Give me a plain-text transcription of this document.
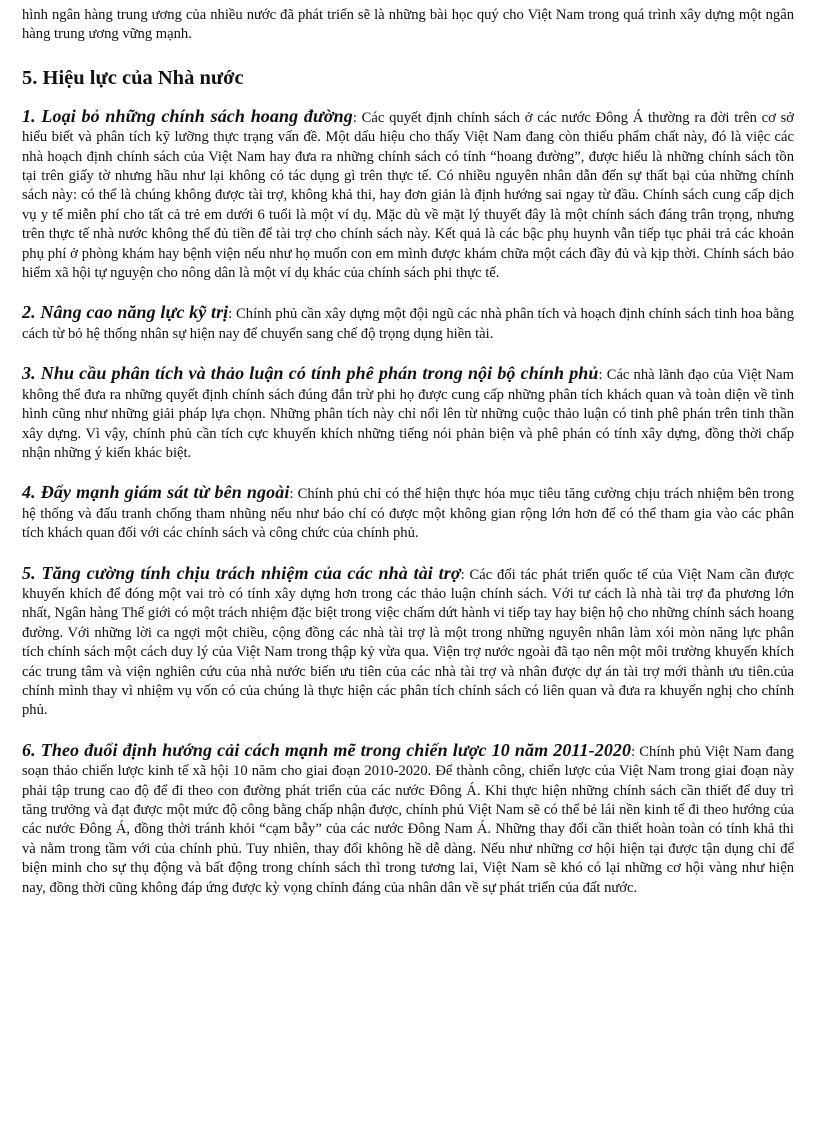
hình ngân hàng trung ương của nhiều nước đã phát triển sẽ là những bài học quý cho Việt Nam trong quá trình xây dựng một ngân hàng trung ương vững mạnh.

5. Hiệu lực của Nhà nước

1. Loại bỏ những chính sách hoang đường: Các quyết định chính sách ở các nước Đông Á thường ra đời trên cơ sở hiểu biết và phân tích kỹ lưỡng thực trạng vấn đề. Một dấu hiệu cho thấy Việt Nam đang còn thiếu phẩm chất này, đó là việc các nhà hoạch định chính sách của Việt Nam hay đưa ra những chính sách có tính “hoang đường”, được hiểu là những chính sách tồn tại trên giấy tờ nhưng hầu như lại không có tác dụng gì trên thực tế. Có nhiều nguyên nhân dẫn đến sự thất bại của những chính sách này: có thể là chúng không được tài trợ, không khả thi, hay đơn giản là định hướng sai ngay từ đầu. Chính sách cung cấp dịch vụ y tế miễn phí cho tất cả trẻ em dưới 6 tuổi là một ví dụ. Mặc dù về mặt lý thuyết đây là một chính sách đáng trân trọng, nhưng trên thực tế nhà nước không thể đủ tiền để tài trợ cho chính sách này. Kết quả là các bậc phụ huynh vẫn tiếp tục phải trả các khoản phụ phí ở phòng khám hay bệnh viện nếu như họ muốn con em mình được khám chữa một cách đầy đủ và kịp thời. Chính sách bảo hiểm xã hội tự nguyện cho nông dân là một ví dụ khác của chính sách phi thực tế.

2. Nâng cao năng lực kỹ trị: Chính phủ cần xây dựng một đội ngũ các nhà phân tích và hoạch định chính sách tinh hoa bằng cách từ bỏ hệ thống nhân sự hiện nay để chuyển sang chế độ trọng dụng hiền tài.

3. Nhu cầu phân tích và thảo luận có tính phê phán trong nội bộ chính phủ: Các nhà lãnh đạo của Việt Nam không thể đưa ra những quyết định chính sách đúng đắn trừ phi họ được cung cấp những phân tích khách quan và toàn diện về tình hình cũng như những giải pháp lựa chọn. Những phân tích này chỉ nổi lên từ những cuộc thảo luận có tinh phê phán trên tinh thần xây dựng. Vì vậy, chính phủ cần tích cực khuyến khích những tiếng nói phản biện và phê phán có tính xây dựng, đồng thời chấp nhận những ý kiến khác biệt.

4. Đẩy mạnh giám sát từ bên ngoài: Chính phủ chỉ có thể hiện thực hóa mục tiêu tăng cường chịu trách nhiệm bên trong hệ thống và đấu tranh chống tham nhũng nếu như báo chí có được một không gian rộng lớn hơn để có thể tham gia vào các phân tích khách quan đối với các chính sách và công chức của chính phủ.

5. Tăng cường tính chịu trách nhiệm của các nhà tài trợ: Các đối tác phát triển quốc tế của Việt Nam cần được khuyến khích để đóng một vai trò có tính xây dựng hơn trong các thảo luận chính sách. Với tư cách là nhà tài trợ đa phương lớn nhất, Ngân hàng Thế giới có một trách nhiệm đặc biệt trong việc chấm dứt hành vi tiếp tay hay biện hộ cho những chính sách hoang đường. Với những lời ca ngợi một chiều, cộng đồng các nhà tài trợ là một trong những nguyên nhân làm xói mòn năng lực phân tích chính sách một cách duy lý của Việt Nam trong thập kỷ vừa qua. Viện trợ nước ngoài đã tạo nên một môi trường khuyến khích các trung tâm và viện nghiên cứu của nhà nước biến ưu tiên của các nhà tài trợ và nhân được dự án tài trợ mới thành ưu tiên.của chính mình thay vì nhiệm vụ vốn có của chúng là thực hiện các phân tích chính sách có liên quan và đưa ra khuyến nghị cho chính phủ.

6. Theo đuổi định hướng cải cách mạnh mẽ trong chiến lược 10 năm 2011-2020: Chính phủ Việt Nam đang soạn thảo chiến lược kinh tế xã hội 10 năm cho giai đoạn 2010-2020. Để thành công, chiến lược của Việt Nam trong giai đoạn này phải tập trung cao độ để đi theo con đường phát triển của các nước Đông Á. Khi thực hiện những chính sách cần thiết để duy trì tăng trưởng và đạt được một mức độ công bằng chấp nhận được, chính phủ Việt Nam sẽ có thể bẻ lái nền kinh tế đi theo hướng của các nước Đông Á, đồng thời tránh khỏi “cạm bẫy” của các nước Đông Nam Á. Những thay đổi cần thiết hoàn toàn có tính khả thi và nằm trong tầm với của chính phủ. Tuy nhiên, thay đổi không hề dễ dàng. Nếu như những cơ hội hiện tại được tận dụng chỉ để biện minh cho sự thụ động và bất động trong chính sách thì trong tương lai, Việt Nam sẽ khó có lại những cơ hội vàng như hiện nay, đồng thời cũng không đáp ứng được kỳ vọng chính đáng của nhân dân về sự phát triển của đất nước.
